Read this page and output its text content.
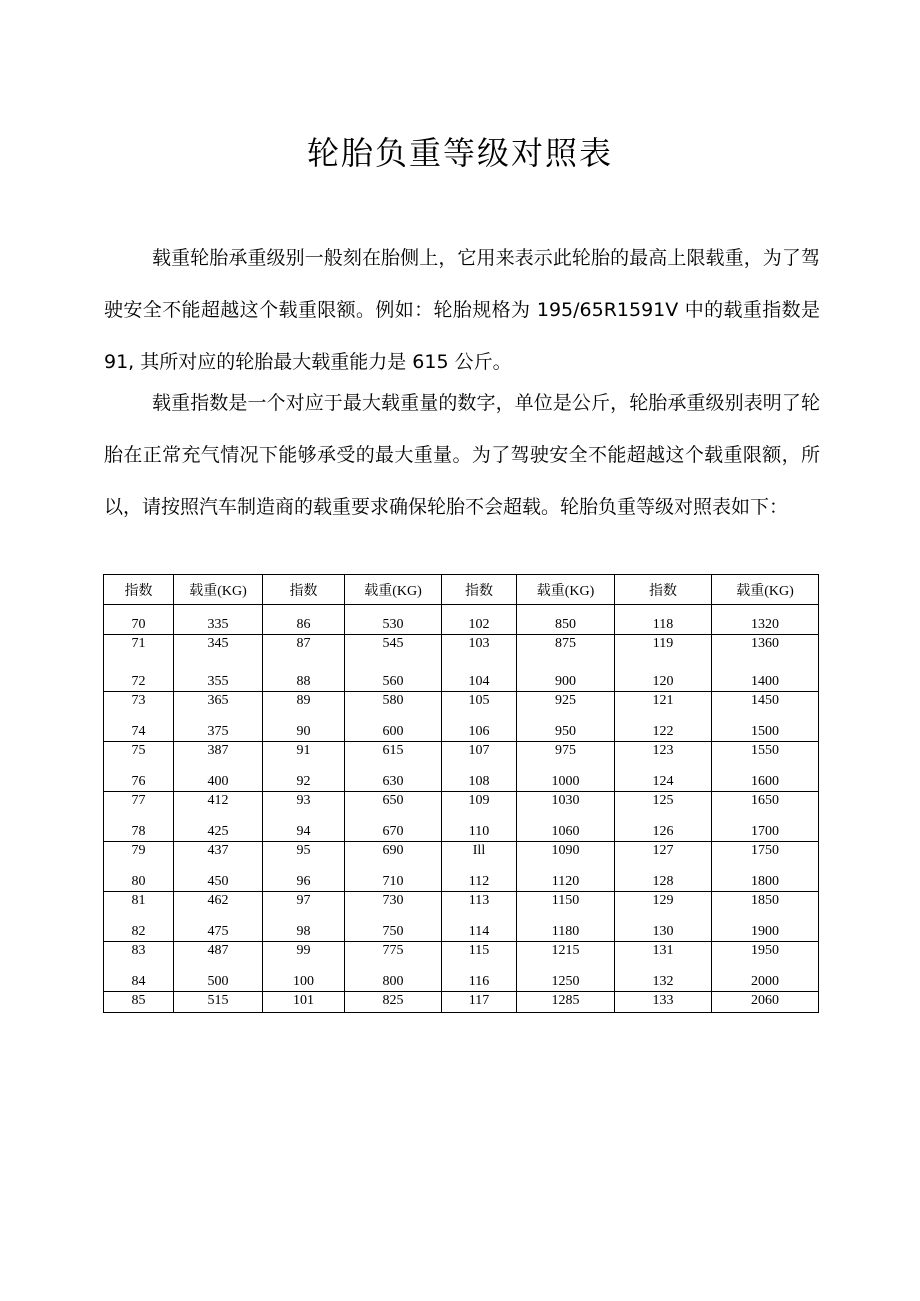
轮胎负重等级对照表

载重轮胎承重级别一般刻在胎侧上，它用来表示此轮胎的最高上限载重，为了驾驶安全不能超越这个载重限额。例如：轮胎规格为 195/65R1591V 中的载重指数是 91, 其所对应的轮胎最大载重能力是 615 公斤。

载重指数是一个对应于最大载重量的数字，单位是公斤，轮胎承重级别表明了轮胎在正常充气情况下能够承受的最大重量。为了驾驶安全不能超越这个载重限额，所以，请按照汽车制造商的载重要求确保轮胎不会超载。轮胎负重等级对照表如下：

指数	载重(KG)	指数	载重(KG)	指数	载重(KG)	指数	载重(KG)
70	335	86	530	102	850	118	1320
71	345	87	545	103	875	119	1360
72	355	88	560	104	900	120	1400
73	365	89	580	105	925	121	1450
74	375	90	600	106	950	122	1500
75	387	91	615	107	975	123	1550
76	400	92	630	108	1000	124	1600
77	412	93	650	109	1030	125	1650
78	425	94	670	110	1060	126	1700
79	437	95	690	Ill	1090	127	1750
80	450	96	710	112	1120	128	1800
81	462	97	730	113	1150	129	1850
82	475	98	750	114	1180	130	1900
83	487	99	775	115	1215	131	1950
84	500	100	800	116	1250	132	2000
85	515	101	825	117	1285	133	2060
